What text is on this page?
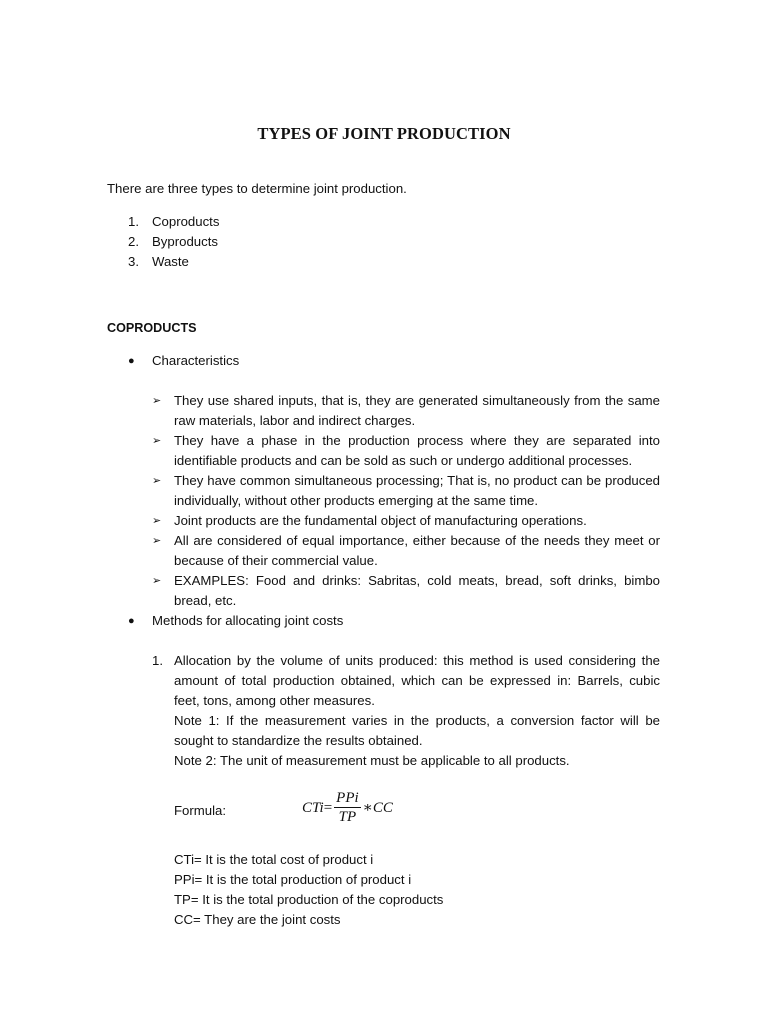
TYPES OF JOINT PRODUCTION
There are three types to determine joint production.
1. Coproducts
2. Byproducts
3. Waste
COPRODUCTS
●	Characteristics
➢ They use shared inputs, that is, they are generated simultaneously from the same raw materials, labor and indirect charges.
➢ They have a phase in the production process where they are separated into identifiable products and can be sold as such or undergo additional processes.
➢ They have common simultaneous processing; That is, no product can be produced individually, without other products emerging at the same time.
➢ Joint products are the fundamental object of manufacturing operations.
➢ All are considered of equal importance, either because of the needs they meet or because of their commercial value.
➢ EXAMPLES: Food and drinks: Sabritas, cold meats, bread, soft drinks, bimbo bread, etc.
●	Methods for allocating joint costs
1. Allocation by the volume of units produced: this method is used considering the amount of total production obtained, which can be expressed in: Barrels, cubic feet, tons, among other measures.

Note 1: If the measurement varies in the products, a conversion factor will be sought to standardize the results obtained.

Note 2: The unit of measurement must be applicable to all products.

Formula:	CTi = $\frac{\text{PPi}}{TP}$ ∗ CC
CTi= It is the total cost of product i
PPi= It is the total production of product i
TP= It is the total production of the coproducts
CC= They are the joint costs
